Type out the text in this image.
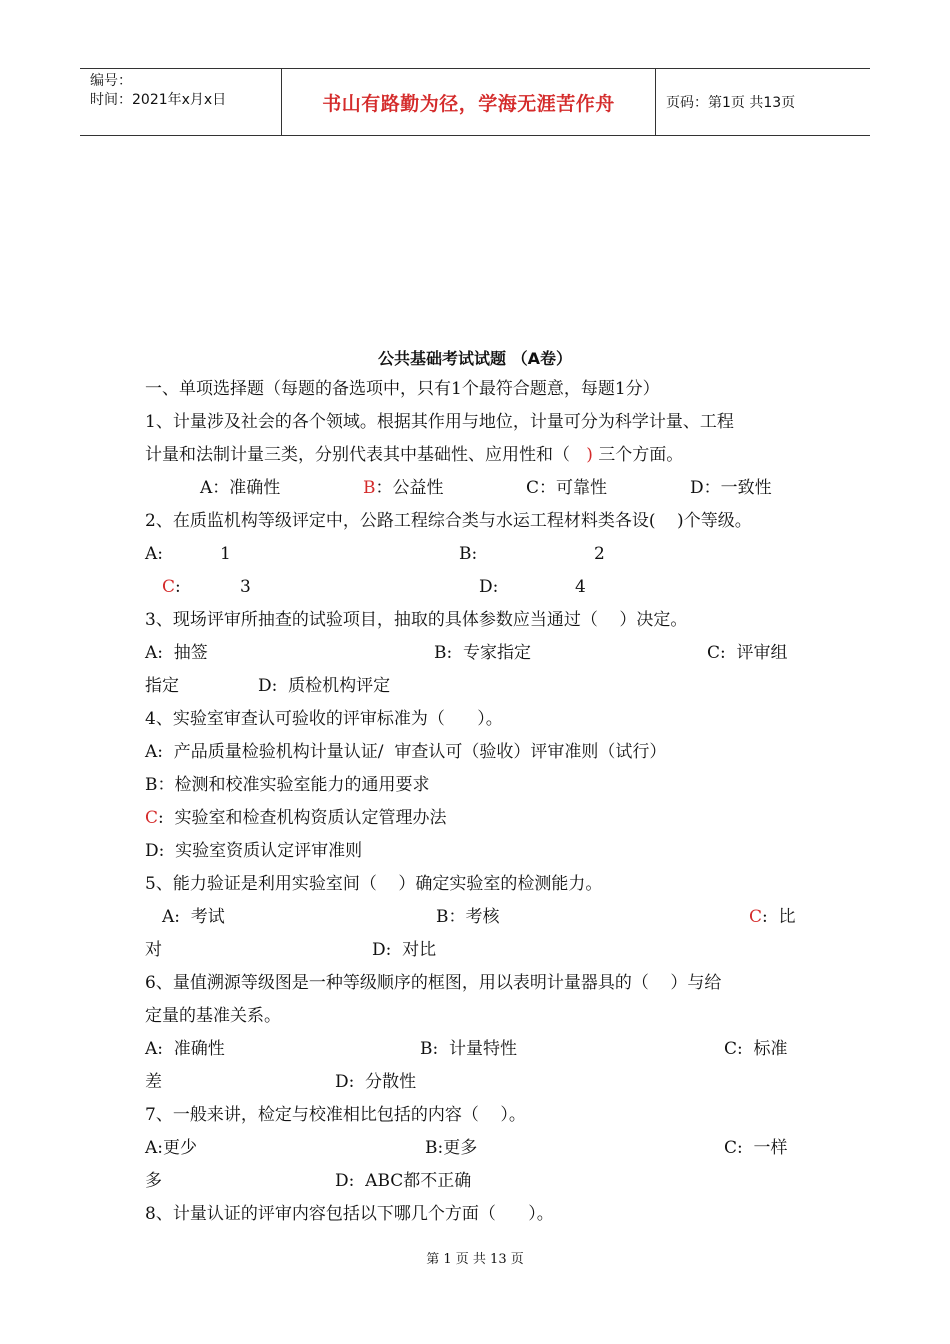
编号：
时间：2021年x月x日	书山有路勤为径，学海无涯苦作舟	页码：第1页 共13页
公共基础考试试题 （A卷）
一、单项选择题（每题的备选项中，只有1个最符合题意，每题1分）
1、计量涉及社会的各个领域。根据其作用与地位，计量可分为科学计量、工程
计量和法制计量三类，分别代表其中基础性、应用性和（   ) 三个方面。
A：准确性	B：公益性	C：可靠性	D：一致性
2、在质监机构等级评定中，公路工程综合类与水运工程材料类各设(    )个等级。
A:	1	B:	2
C:	3	D:	4
3、现场评审所抽查的试验项目，抽取的具体参数应当通过（    ）决定。
A:  抽签	B:  专家指定	C:  评审组
指定	D:  质检机构评定
4、实验室审查认可验收的评审标准为（      ）。
A:  产品质量检验机构计量认证/  审查认可（验收）评审准则（试行）
B：检测和校准实验室能力的通用要求
C:  实验室和检查机构资质认定管理办法
D:  实验室资质认定评审准则
5、能力验证是利用实验室间（    ）确定实验室的检测能力。
A:  考试	B：考核	C:  比
对	D:  对比
6、量值溯源等级图是一种等级顺序的框图，用以表明计量器具的（    ）与给
定量的基准关系。
A:  准确性	B:  计量特性	C:  标准
差	D:  分散性
7、一般来讲，检定与校准相比包括的内容（    ）。
A:更少	B:更多	C:  一样
多	D:  ABC都不正确
8、计量认证的评审内容包括以下哪几个方面（      ）。
第 1 页 共 13 页
